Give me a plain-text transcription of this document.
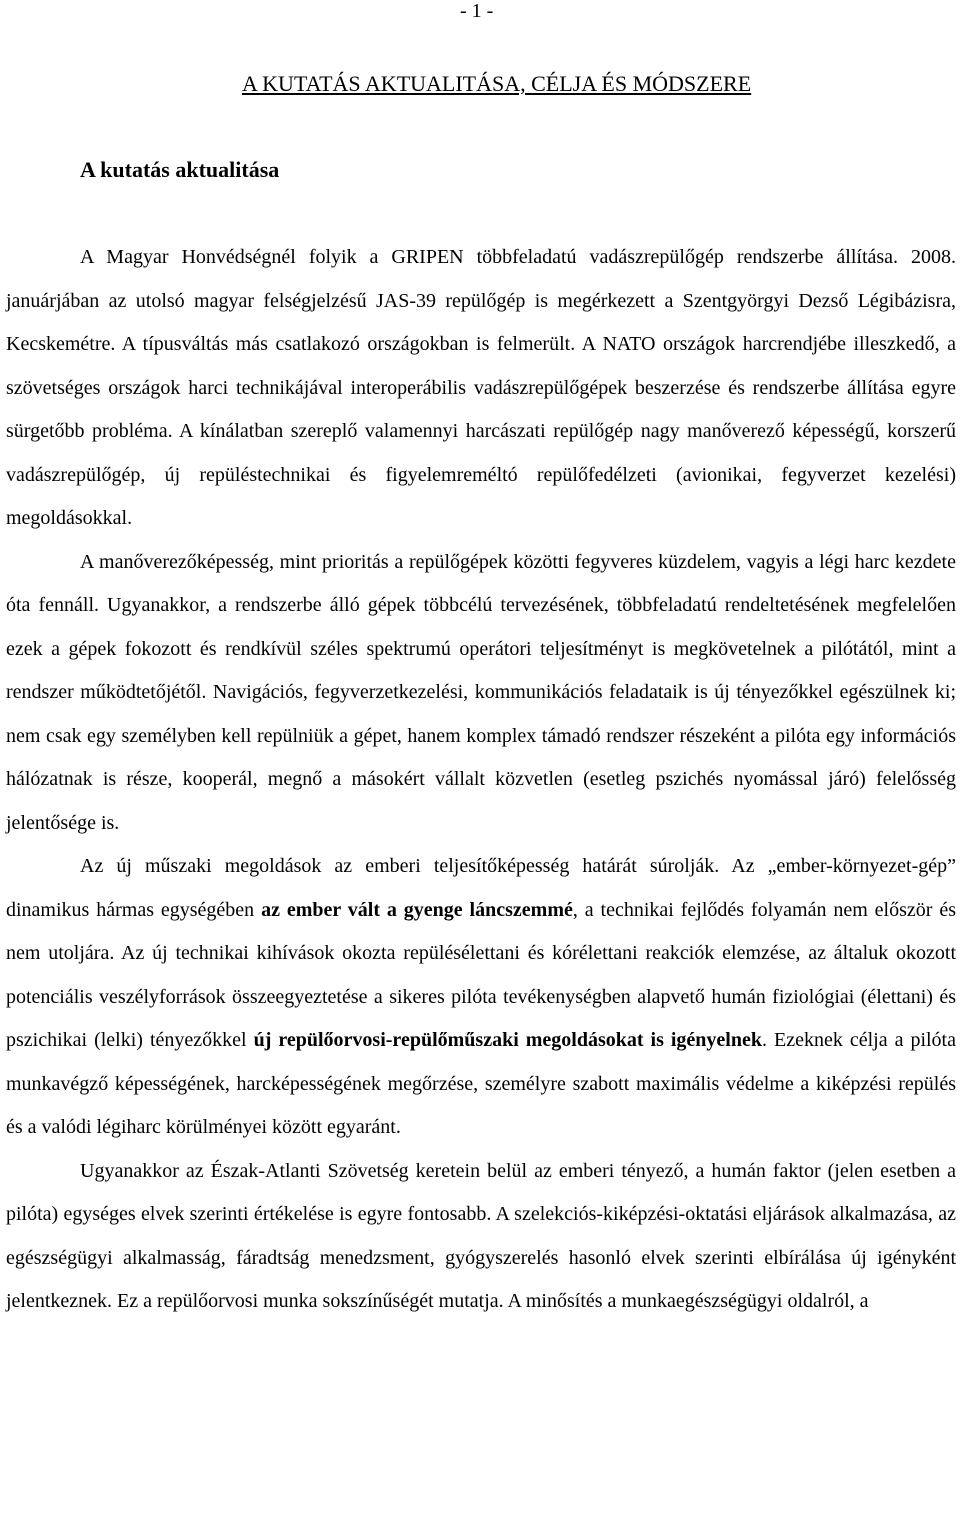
- 1 -
A KUTATÁS AKTUALITÁSA, CÉLJA ÉS MÓDSZERE
A kutatás aktualitása

A Magyar Honvédségnél folyik a GRIPEN többfeladatú vadászrepülőgép rendszerbe állítása. 2008. januárjában az utolsó magyar felségjelzésű JAS-39 repülőgép is megérkezett a Szentgyörgyi Dezső Légibázisra, Kecskemétre. A típusváltás más csatlakozó országokban is felmerült. A NATO országok harcrendjébe illeszkedő, a szövetséges országok harci technikájával interoperábilis vadászrepülőgépek beszerzése és rendszerbe állítása egyre sürgetőbb probléma. A kínálatban szereplő valamennyi harcászati repülőgép nagy manőverező képességű, korszerű vadászrepülőgép, új repüléstechnikai és figyelemreméltó repülőfedélzeti (avionikai, fegyverzet kezelési) megoldásokkal.

A manőverezőképesség, mint prioritás a repülőgépek közötti fegyveres küzdelem, vagyis a légi harc kezdete óta fennáll. Ugyanakkor, a rendszerbe álló gépek többcélú tervezésének, többfeladatú rendeltetésének megfelelően ezek a gépek fokozott és rendkívül széles spektrumú operátori teljesítményt is megkövetelnek a pilótától, mint a rendszer működtetőjétől. Navigációs, fegyverzetkezelési, kommunikációs feladataik is új tényezőkkel egészülnek ki; nem csak egy személyben kell repülniük a gépet, hanem komplex támadó rendszer részeként a pilóta egy információs hálózatnak is része, kooperál, megnő a másokért vállalt közvetlen (esetleg pszichés nyomással járó) felelősség jelentősége is.

Az új műszaki megoldások az emberi teljesítőképesség határát súrolják. Az „ember-környezet-gép” dinamikus hármas egységében az ember vált a gyenge láncszemmé, a technikai fejlődés folyamán nem először és nem utoljára. Az új technikai kihívások okozta repülésélettani és kórélettani reakciók elemzése, az általuk okozott potenciális veszélyforrások összeegyeztetése a sikeres pilóta tevékenységben alapvető humán fiziológiai (élettani) és pszichikai (lelki) tényezőkkel új repülőorvosi-repülőműszaki megoldásokat is igényelnek. Ezeknek célja a pilóta munkavégző képességének, harcképességének megőrzése, személyre szabott maximális védelme a kiképzési repülés és a valódi légiharc körülményei között egyaránt.

Ugyanakkor az Észak-Atlanti Szövetség keretein belül az emberi tényező, a humán faktor (jelen esetben a pilóta) egységes elvek szerinti értékelése is egyre fontosabb. A szelekciós-kiképzési-oktatási eljárások alkalmazása, az egészségügyi alkalmasság, fáradtság menedzsment, gyógyszerelés hasonló elvek szerinti elbírálása új igényként jelentkeznek. Ez a repülőorvosi munka sokszínűségét mutatja. A minősítés a munkaegészségügyi oldalról, a
